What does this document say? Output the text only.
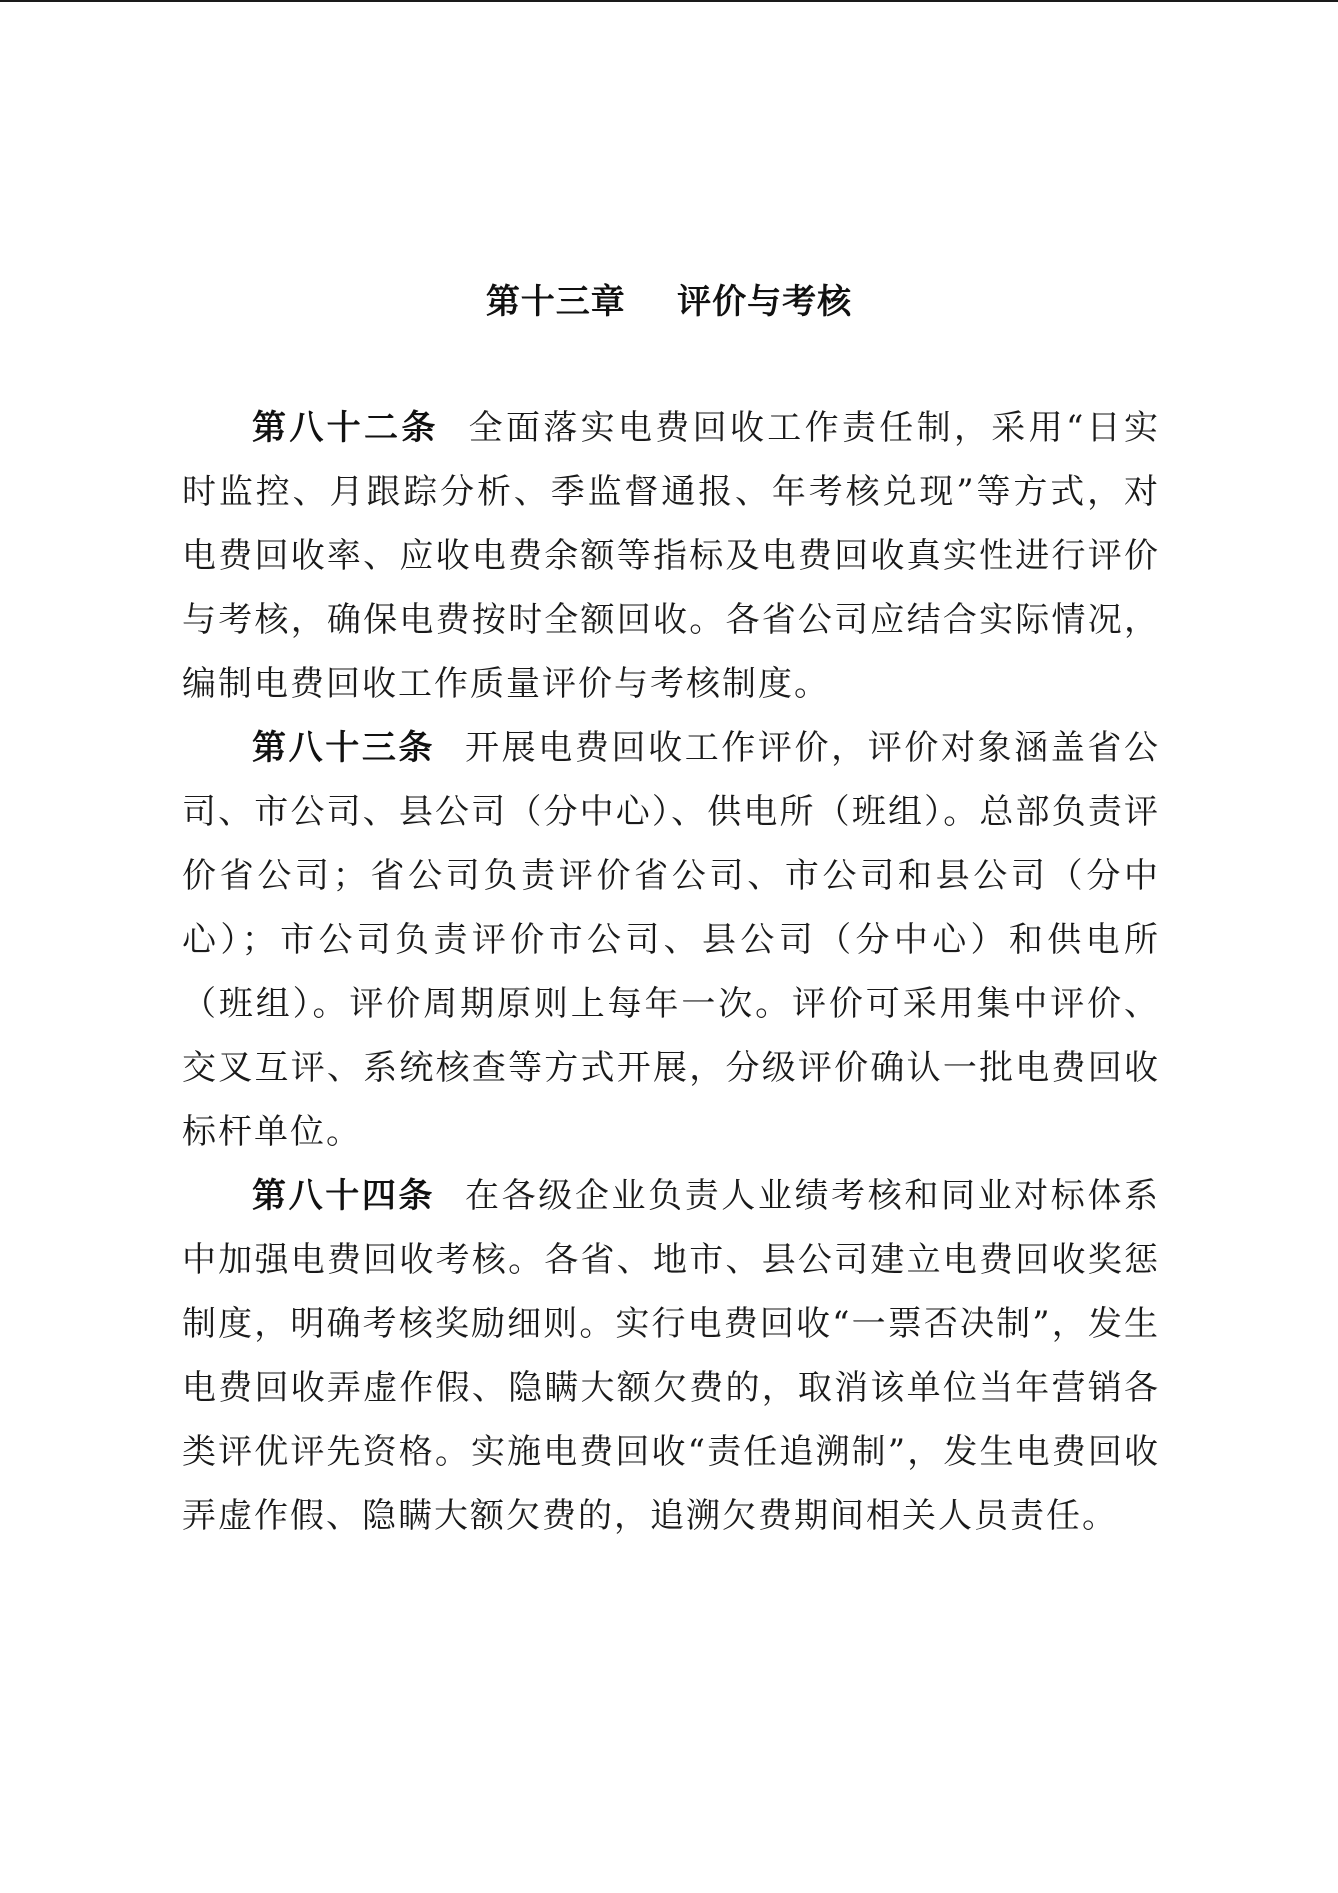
第十三章    评价与考核

第八十二条 全面落实电费回收工作责任制，采用“日实时监控、月跟踪分析、季监督通报、年考核兑现”等方式，对电费回收率、应收电费余额等指标及电费回收真实性进行评价与考核，确保电费按时全额回收。各省公司应结合实际情况，编制电费回收工作质量评价与考核制度。

第八十三条 开展电费回收工作评价，评价对象涵盖省公司、市公司、县公司（分中心）、供电所（班组）。总部负责评价省公司；省公司负责评价省公司、市公司和县公司（分中心）；市公司负责评价市公司、县公司（分中心）和供电所（班组）。评价周期原则上每年一次。评价可采用集中评价、交叉互评、系统核查等方式开展，分级评价确认一批电费回收标杆单位。

第八十四条 在各级企业负责人业绩考核和同业对标体系中加强电费回收考核。各省、地市、县公司建立电费回收奖惩制度，明确考核奖励细则。实行电费回收“一票否决制”，发生电费回收弄虚作假、隐瞒大额欠费的，取消该单位当年营销各类评优评先资格。实施电费回收“责任追溯制”，发生电费回收弄虚作假、隐瞒大额欠费的，追溯欠费期间相关人员责任。
